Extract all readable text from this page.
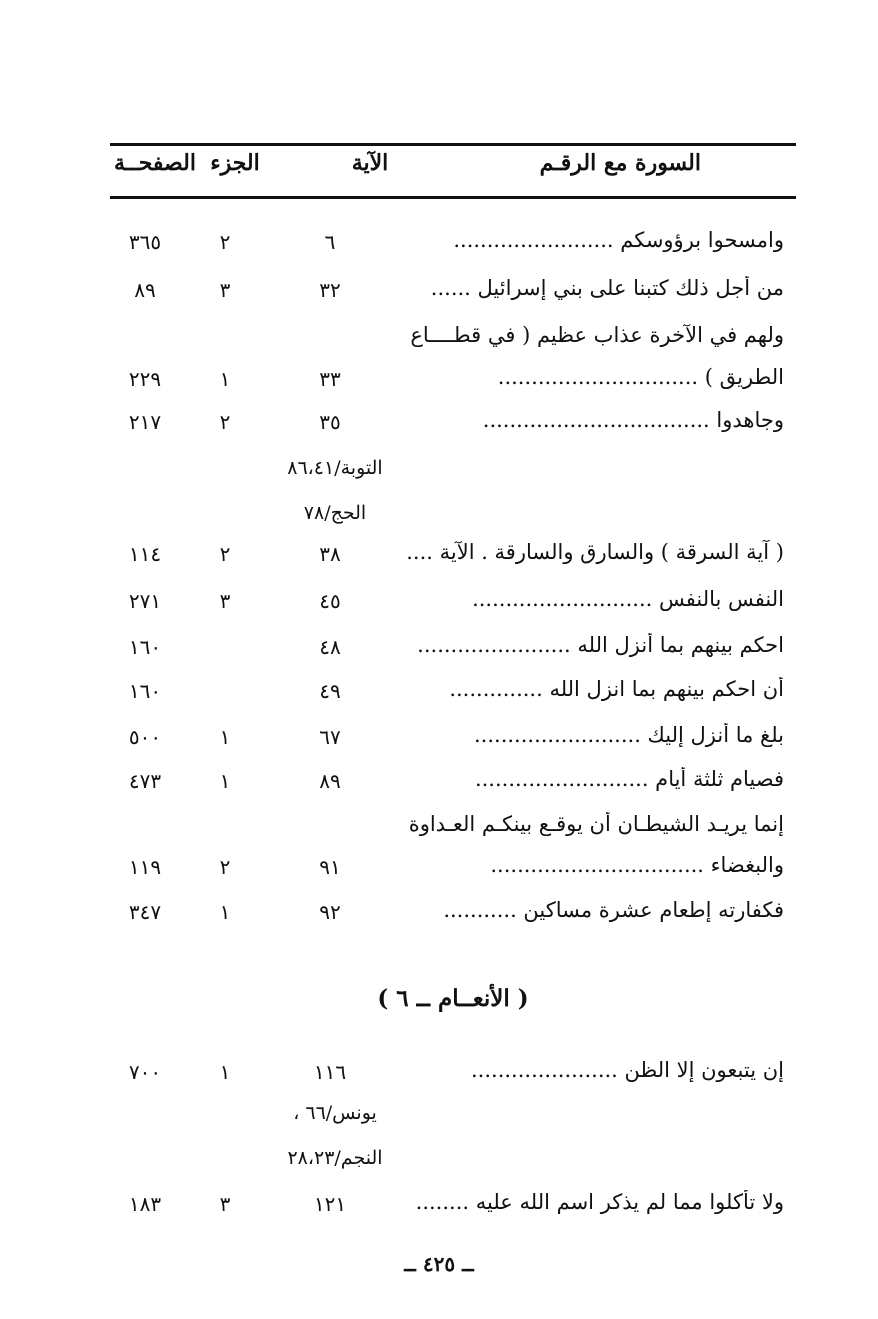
السورة مع الرقـم
الآية
الجزء
الصفحــة
وامسحوا برؤوسكم ........................
٦
٢
٣٦٥
من أجل ذلك كتبنا على بني إسرائيل ......
٣٢
٣
٨٩
ولهم في الآخرة عذاب عظيم ( في قطــــاع
الطريق ) ..............................
٣٣
١
٢٢٩
وجاهدوا ..................................
٣٥
٢
٢١٧
التوبة/٨٦،٤١
الحج/٧٨
( آية السرقة ) والسارق والسارقة . الآية ....
٣٨
٢
١١٤
النفس بالنفس ...........................
٤٥
٣
٢٧١
احكم بينهم بما أنزل الله .......................
٤٨
١٦٠
أن احكم بينهم بما انزل الله ..............
٤٩
١٦٠
بلغ ما أنزل إليك .........................
٦٧
١
٥٠٠
فصيام ثلثة أيام ..........................
٨٩
١
٤٧٣
إنما يريـد الشيطـان أن يوقـع بينكـم العـداوة
والبغضاء ................................
٩١
٢
١١٩
فكفارته إطعام عشرة مساكين ...........
٩٢
١
٣٤٧
( الأنعــام ــ ٦ )
إن يتبعون إلا الظن ......................
١١٦
١
٧٠٠
يونس/٦٦ ،
النجم/٢٨،٢٣
ولا تأكلوا مما لم يذكر اسم الله عليه ........
١٢١
٣
١٨٣
ــ ٤٢٥ ــ
